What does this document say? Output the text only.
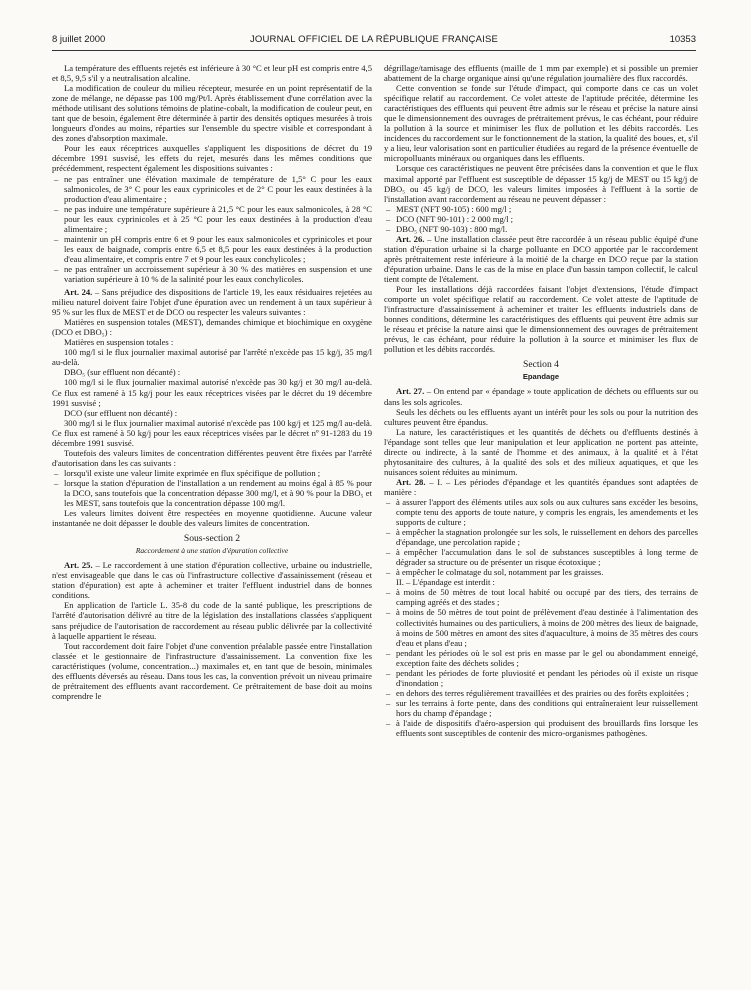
8 juillet 2000	JOURNAL OFFICIEL DE LA RÉPUBLIQUE FRANÇAISE	10353

La température des effluents rejetés est inférieure à 30 °C et leur pH est compris entre 4,5 et 8,5, 9,5 s'il y a neutralisation alcaline.

La modification de couleur du milieu récepteur, mesurée en un point représentatif de la zone de mélange, ne dépasse pas 100 mg/Pt/l. Après établissement d'une corrélation avec la méthode utilisant des solutions témoins de platine-cobalt, la modification de couleur peut, en tant que de besoin, également être déterminée à partir des densités optiques mesurées à trois longueurs d'ondes au moins, réparties sur l'ensemble du spectre visible et correspondant à des zones d'absorption maximale.

Pour les eaux réceptrices auxquelles s'appliquent les dispositions de décret du 19 décembre 1991 susvisé, les effets du rejet, mesurés dans les mêmes conditions que précédemment, respectent également les dispositions suivantes :

– ne pas entraîner une élévation maximale de température de 1,5° C pour les eaux salmonicoles, de 3° C pour les eaux cyprinicoles et de 2° C pour les eaux destinées à la production d'eau alimentaire ;
– ne pas induire une température supérieure à 21,5 °C pour les eaux salmonicoles, à 28 °C pour les eaux cyprinicoles et à 25 °C pour les eaux destinées à la production d'eau alimentaire ;
– maintenir un pH compris entre 6 et 9 pour les eaux salmonicoles et cyprinicoles et pour les eaux de baignade, compris entre 6,5 et 8,5 pour les eaux destinées à la production d'eau alimentaire, et compris entre 7 et 9 pour les eaux conchylicoles ;
– ne pas entraîner un accroissement supérieur à 30 % des matières en suspension et une variation supérieure à 10 % de la salinité pour les eaux conchylicoles.

Art. 24. – Sans préjudice des dispositions de l'article 19, les eaux résiduaires rejetées au milieu naturel doivent faire l'objet d'une épuration avec un rendement à un taux supérieur à 95 % sur les flux de MEST et de DCO ou respecter les valeurs suivantes :

Matières en suspension totales (MEST), demandes chimique et biochimique en oxygène (DCO et DBO₅) :

Matières en suspension totales :

100 mg/l si le flux journalier maximal autorisé par l'arrêté n'excède pas 15 kg/j, 35 mg/l au-delà.

DBO₅ (sur effluent non décanté) :

100 mg/l si le flux journalier maximal autorisé n'excède pas 30 kg/j et 30 mg/l au-delà. Ce flux est ramené à 15 kg/j pour les eaux réceptrices visées par le décret du 19 décembre 1991 susvisé ;

DCO (sur effluent non décanté) :

300 mg/l si le flux journalier maximal autorisé n'excède pas 100 kg/j et 125 mg/l au-delà. Ce flux est ramené à 50 kg/j pour les eaux réceptrices visées par le décret nº 91-1283 du 19 décembre 1991 susvisé.

Toutefois des valeurs limites de concentration différentes peuvent être fixées par l'arrêté d'autorisation dans les cas suivants :

– lorsqu'il existe une valeur limite exprimée en flux spécifique de pollution ;
– lorsque la station d'épuration de l'installation a un rendement au moins égal à 85 % pour la DCO, sans toutefois que la concentration dépasse 300 mg/l, et à 90 % pour la DBO₅ et les MEST, sans toutefois que la concentration dépasse 100 mg/l.

Les valeurs limites doivent être respectées en moyenne quotidienne. Aucune valeur instantanée ne doit dépasser le double des valeurs limites de concentration.

Sous-section 2
Raccordement à une station d'épuration collective

Art. 25. – Le raccordement à une station d'épuration collective, urbaine ou industrielle, n'est envisageable que dans le cas où l'infrastructure collective d'assainissement (réseau et station d'épuration) est apte à acheminer et traiter l'effluent industriel dans de bonnes conditions.

En application de l'article L. 35-8 du code de la santé publique, les prescriptions de l'arrêté d'autorisation délivré au titre de la législation des installations classées s'appliquent sans préjudice de l'autorisation de raccordement au réseau public délivrée par la collectivité à laquelle appartient le réseau.

Tout raccordement doit faire l'objet d'une convention préalable passée entre l'installation classée et le gestionnaire de l'infrastructure d'assainissement. La convention fixe les caractéristiques (volume, concentration...) maximales et, en tant que de besoin, minimales des effluents déversés au réseau. Dans tous les cas, la convention prévoit un niveau primaire de prétraitement des effluents avant raccordement. Ce prétraitement de base doit au moins comprendre le

dégrillage/tamisage des effluents (maille de 1 mm par exemple) et si possible un premier abattement de la charge organique ainsi qu'une régulation journalière des flux raccordés.

Cette convention se fonde sur l'étude d'impact, qui comporte dans ce cas un volet spécifique relatif au raccordement. Ce volet atteste de l'aptitude précitée, détermine les caractéristiques des effluents qui peuvent être admis sur le réseau et précise la nature ainsi que le dimensionnement des ouvrages de prétraitement prévus, le cas échéant, pour réduire la pollution à la source et minimiser les flux de pollution et les débits raccordés. Les incidences du raccordement sur le fonctionnement de la station, la qualité des boues, et, s'il y a lieu, leur valorisation sont en particulier étudiées au regard de la présence éventuelle de micropolluants minéraux ou organiques dans les effluents.

Lorsque ces caractéristiques ne peuvent être précisées dans la convention et que le flux maximal apporté par l'effluent est susceptible de dépasser 15 kg/j de MEST ou 15 kg/j de DBO₅ ou 45 kg/j de DCO, les valeurs limites imposées à l'effluent à la sortie de l'installation avant raccordement au réseau ne peuvent dépasser :

– MEST (NFT 90-105) : 600 mg/l ;
– DCO (NFT 90-101) : 2 000 mg/l ;
– DBO₅ (NFT 90-103) : 800 mg/l.

Art. 26. – Une installation classée peut être raccordée à un réseau public équipé d'une station d'épuration urbaine si la charge polluante en DCO apportée par le raccordement après prétraitement reste inférieure à la moitié de la charge en DCO reçue par la station d'épuration urbaine. Dans le cas de la mise en place d'un bassin tampon collectif, le calcul tient compte de l'étalement.

Pour les installations déjà raccordées faisant l'objet d'extensions, l'étude d'impact comporte un volet spécifique relatif au raccordement. Ce volet atteste de l'aptitude de l'infrastructure d'assainissement à acheminer et traiter les effluents industriels dans de bonnes conditions, détermine les caractéristiques des effluents qui peuvent être admis sur le réseau et précise la nature ainsi que le dimensionnement des ouvrages de prétraitement prévus, le cas échéant, pour réduire la pollution à la source et minimiser les flux de pollution et les débits raccordés.

Section 4
Epandage

Art. 27. – On entend par « épandage » toute application de déchets ou effluents sur ou dans les sols agricoles.

Seuls les déchets ou les effluents ayant un intérêt pour les sols ou pour la nutrition des cultures peuvent être épandus.

La nature, les caractéristiques et les quantités de déchets ou d'effluents destinés à l'épandage sont telles que leur manipulation et leur application ne portent pas atteinte, directe ou indirecte, à la santé de l'homme et des animaux, à la qualité et à l'état phytosanitaire des cultures, à la qualité des sols et des milieux aquatiques, et que les nuisances soient réduites au minimum.

Art. 28. – I. – Les périodes d'épandage et les quantités épandues sont adaptées de manière :

– à assurer l'apport des éléments utiles aux sols ou aux cultures sans excéder les besoins, compte tenu des apports de toute nature, y compris les engrais, les amendements et les supports de culture ;
– à empêcher la stagnation prolongée sur les sols, le ruissellement en dehors des parcelles d'épandage, une percolation rapide ;
– à empêcher l'accumulation dans le sol de substances susceptibles à long terme de dégrader sa structure ou de présenter un risque écotoxique ;
– à empêcher le colmatage du sol, notamment par les graisses.

II. – L'épandage est interdit :

– à moins de 50 mètres de tout local habité ou occupé par des tiers, des terrains de camping agréés et des stades ;
– à moins de 50 mètres de tout point de prélèvement d'eau destinée à l'alimentation des collectivités humaines ou des particuliers, à moins de 200 mètres des lieux de baignade, à moins de 500 mètres en amont des sites d'aquaculture, à moins de 35 mètres des cours d'eau et plans d'eau ;
– pendant les périodes où le sol est pris en masse par le gel ou abondamment enneigé, exception faite des déchets solides ;
– pendant les périodes de forte pluviosité et pendant les périodes où il existe un risque d'inondation ;
– en dehors des terres régulièrement travaillées et des prairies ou des forêts exploitées ;
– sur les terrains à forte pente, dans des conditions qui entraîneraient leur ruissellement hors du champ d'épandage ;
– à l'aide de dispositifs d'aéro-aspersion qui produisent des brouillards fins lorsque les effluents sont susceptibles de contenir des micro-organismes pathogènes.
